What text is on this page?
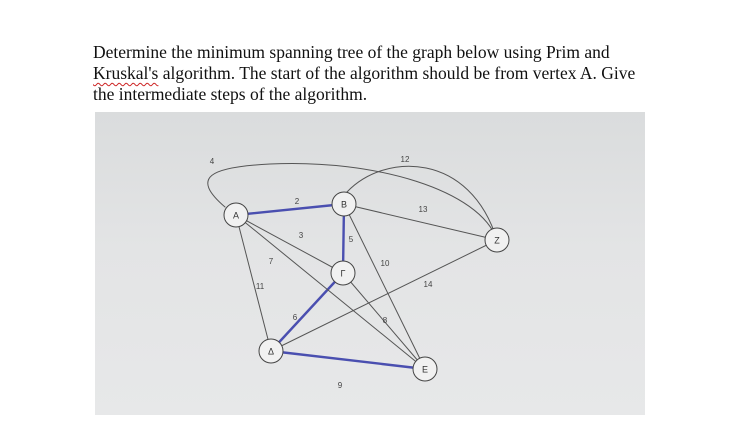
Determine the minimum spanning tree of the graph below using Prim and
Kruskal's algorithm. The start of the algorithm should be from vertex A. Give
the intermediate steps of the algorithm.
2
3
4
5
6
7
8
9
10
11
12
13
14
A
B
Γ
Δ
E
Z
